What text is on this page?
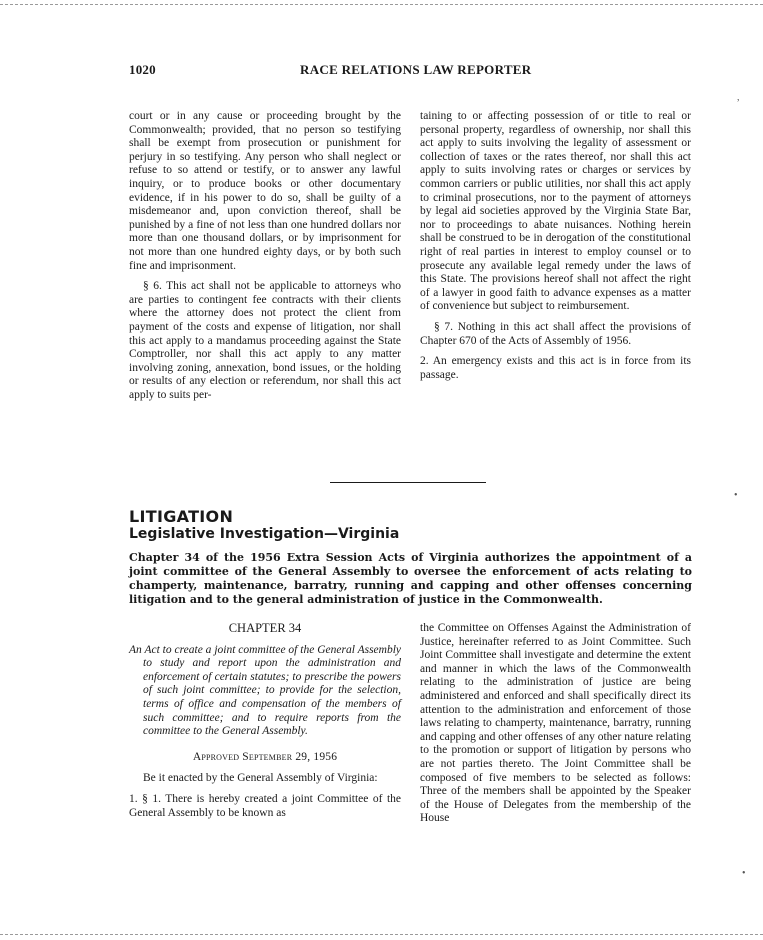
1020	RACE RELATIONS LAW REPORTER

court or in any cause or proceeding brought by the Commonwealth; provided, that no person so testifying shall be exempt from prosecution or punishment for perjury in so testifying. Any person who shall neglect or refuse to so attend or testify, or to answer any lawful inquiry, or to produce books or other documentary evidence, if in his power to do so, shall be guilty of a misdemeanor and, upon conviction thereof, shall be punished by a fine of not less than one hundred dollars nor more than one thousand dollars, or by imprisonment for not more than one hundred eighty days, or by both such fine and imprisonment.

§ 6. This act shall not be applicable to attorneys who are parties to contingent fee contracts with their clients where the attorney does not protect the client from payment of the costs and expense of litigation, nor shall this act apply to a mandamus proceeding against the State Comptroller, nor shall this act apply to any matter involving zoning, annexation, bond issues, or the holding or results of any election or referendum, nor shall this act apply to suits per-

taining to or affecting possession of or title to real or personal property, regardless of ownership, nor shall this act apply to suits involving the legality of assessment or collection of taxes or the rates thereof, nor shall this act apply to suits involving rates or charges or services by common carriers or public utilities, nor shall this act apply to criminal prosecutions, nor to the payment of attorneys by legal aid societies approved by the Virginia State Bar, nor to proceedings to abate nuisances. Nothing herein shall be construed to be in derogation of the constitutional right of real parties in interest to employ counsel or to prosecute any available legal remedy under the laws of this State. The provisions hereof shall not affect the right of a lawyer in good faith to advance expenses as a matter of convenience but subject to reimbursement.

§ 7. Nothing in this act shall affect the provisions of Chapter 670 of the Acts of Assembly of 1956.

2. An emergency exists and this act is in force from its passage.

LITIGATION
Legislative Investigation—Virginia
Chapter 34 of the 1956 Extra Session Acts of Virginia authorizes the appointment of a joint committee of the General Assembly to oversee the enforcement of acts relating to champerty, maintenance, barratry, running and capping and other offenses concerning litigation and to the general administration of justice in the Commonwealth.

CHAPTER 34

An Act to create a joint committee of the General Assembly to study and report upon the administration and enforcement of certain statutes; to prescribe the powers of such joint committee; to provide for the selection, terms of office and compensation of the members of such committee; and to require reports from the committee to the General Assembly.

Approved September 29, 1956

Be it enacted by the General Assembly of Virginia:

1. § 1. There is hereby created a joint Committee of the General Assembly to be known as

the Committee on Offenses Against the Administration of Justice, hereinafter referred to as Joint Committee. Such Joint Committee shall investigate and determine the extent and manner in which the laws of the Commonwealth relating to the administration of justice are being administered and enforced and shall specifically direct its attention to the administration and enforcement of those laws relating to champerty, maintenance, barratry, running and capping and other offenses of any other nature relating to the promotion or support of litigation by persons who are not parties thereto. The Joint Committee shall be composed of five members to be selected as follows: Three of the members shall be appointed by the Speaker of the House of Delegates from the membership of the House

,
•
•
